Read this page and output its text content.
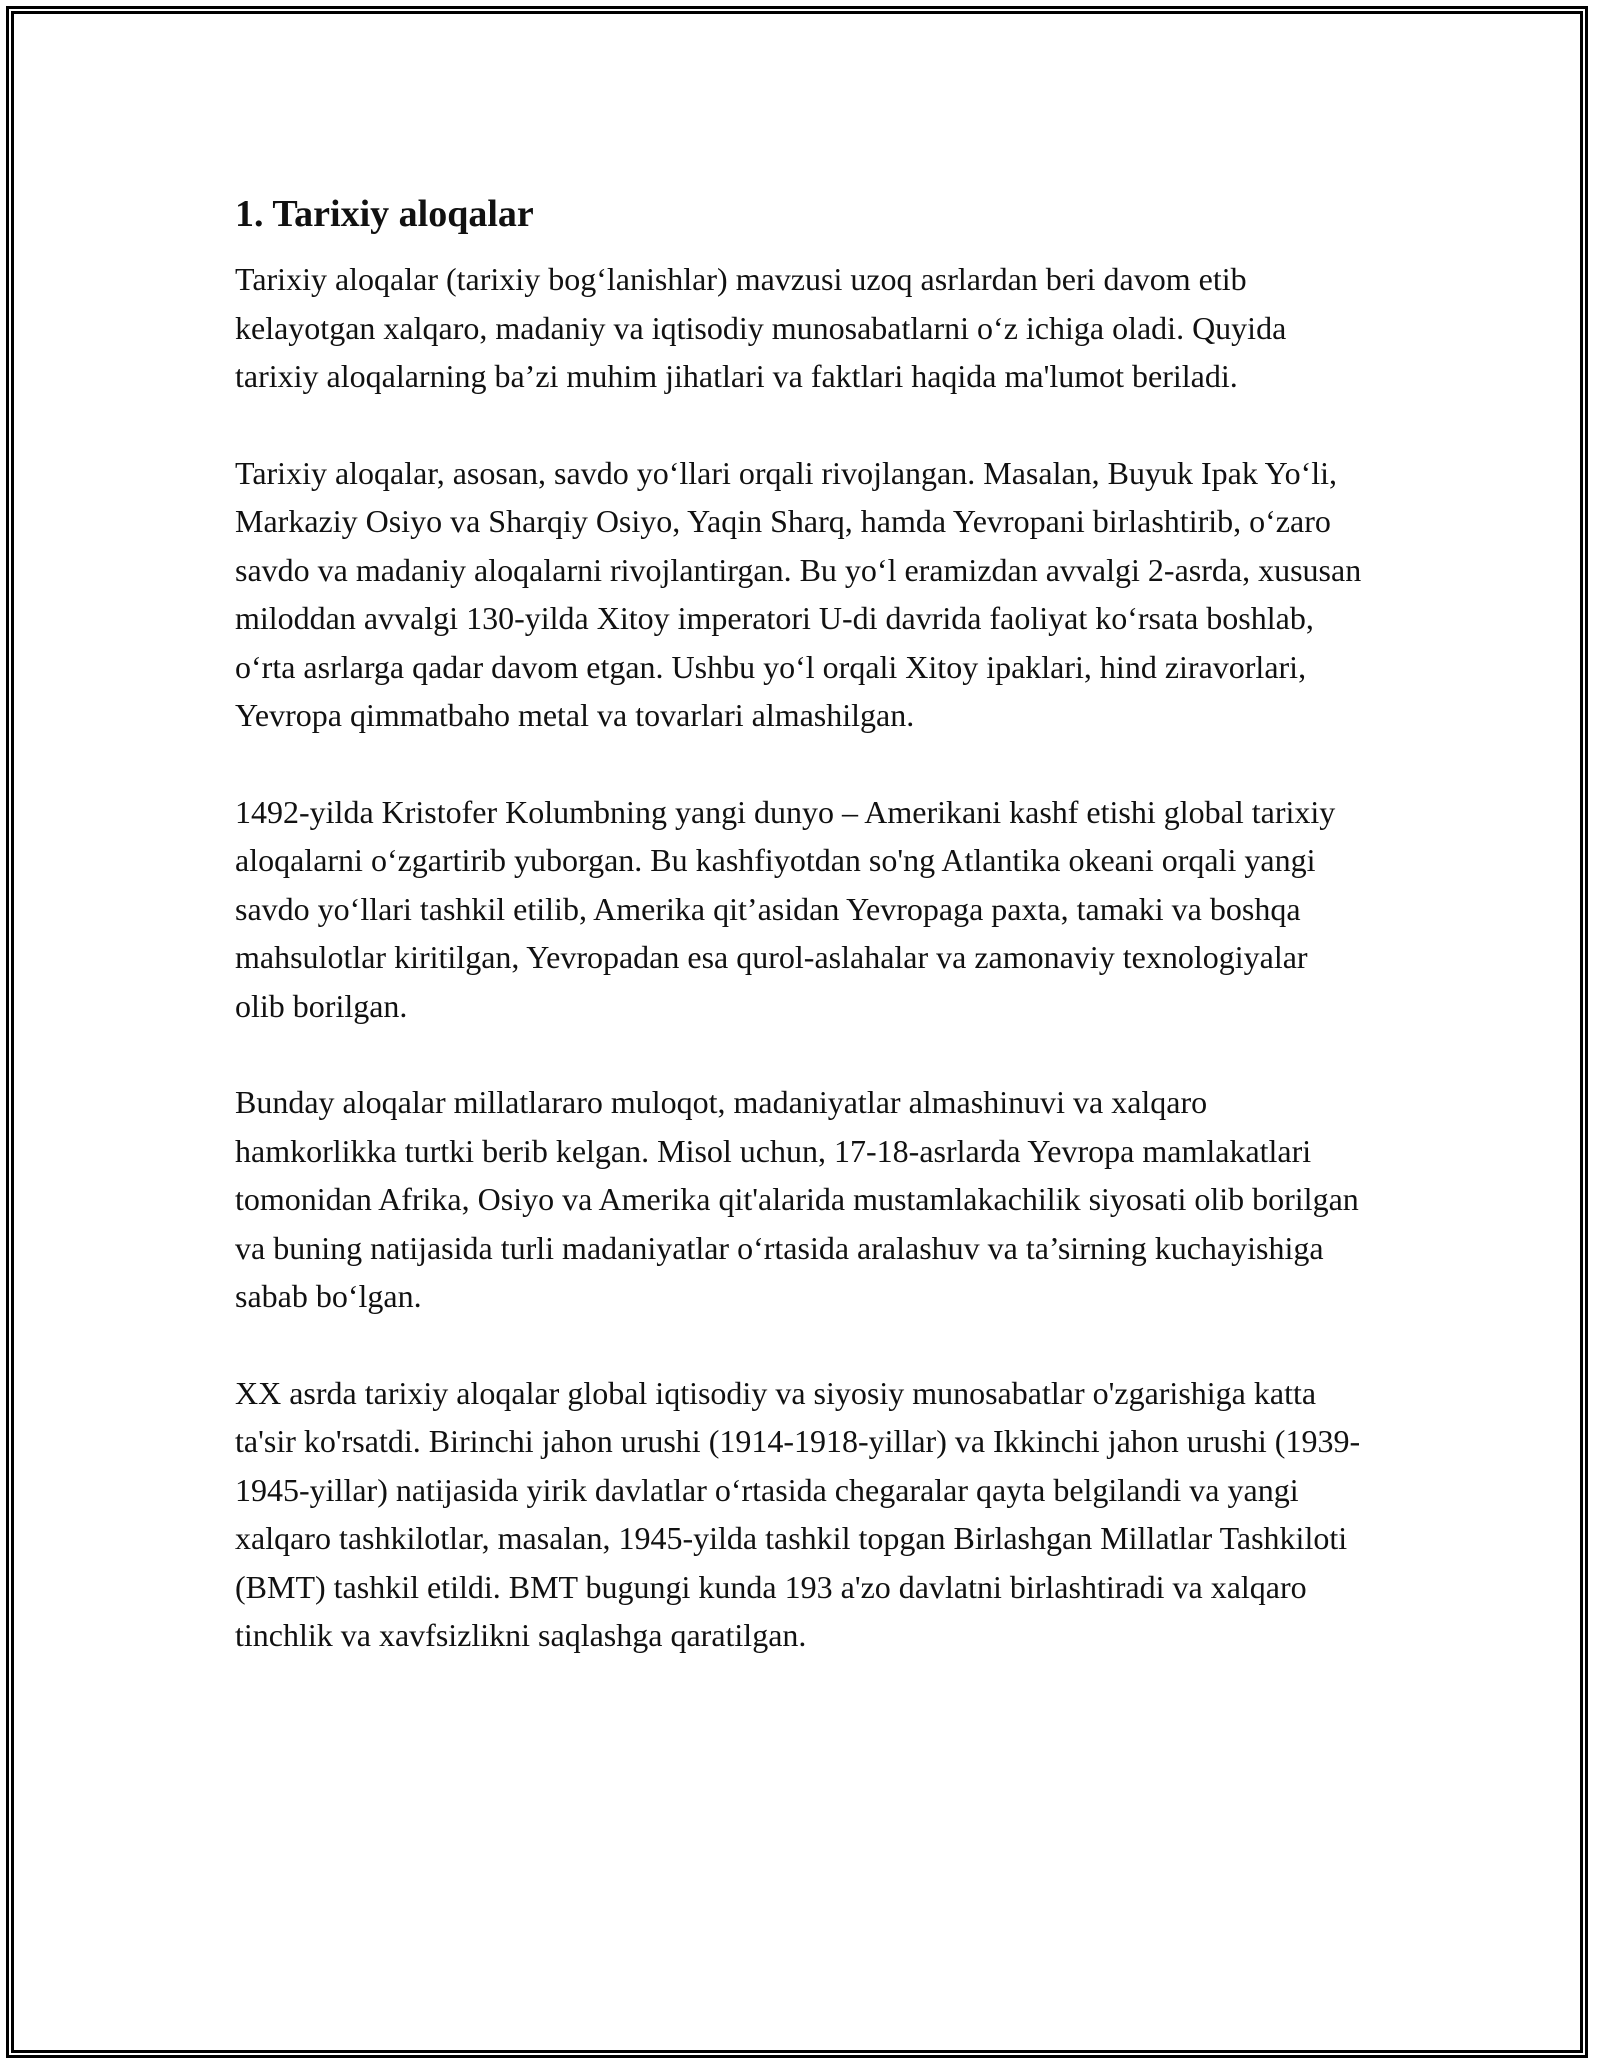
1. Tarixiy aloqalar

Tarixiy aloqalar (tarixiy bog‘lanishlar) mavzusi uzoq asrlardan beri davom etib kelayotgan xalqaro, madaniy va iqtisodiy munosabatlarni o‘z ichiga oladi. Quyida tarixiy aloqalarning ba’zi muhim jihatlari va faktlari haqida ma'lumot beriladi.

Tarixiy aloqalar, asosan, savdo yo‘llari orqali rivojlangan. Masalan, Buyuk Ipak Yo‘li, Markaziy Osiyo va Sharqiy Osiyo, Yaqin Sharq, hamda Yevropani birlashtirib, o‘zaro savdo va madaniy aloqalarni rivojlantirgan. Bu yo‘l eramizdan avvalgi 2-asrda, xususan miloddan avvalgi 130-yilda Xitoy imperatori U-di davrida faoliyat ko‘rsata boshlab, o‘rta asrlarga qadar davom etgan. Ushbu yo‘l orqali Xitoy ipaklari, hind ziravorlari, Yevropa qimmatbaho metal va tovarlari almashilgan.

1492-yilda Kristofer Kolumbning yangi dunyo – Amerikani kashf etishi global tarixiy aloqalarni o‘zgartirib yuborgan. Bu kashfiyotdan so'ng Atlantika okeani orqali yangi savdo yo‘llari tashkil etilib, Amerika qit’asidan Yevropaga paxta, tamaki va boshqa mahsulotlar kiritilgan, Yevropadan esa qurol-aslahalar va zamonaviy texnologiyalar olib borilgan.

Bunday aloqalar millatlararo muloqot, madaniyatlar almashinuvi va xalqaro hamkorlikka turtki berib kelgan. Misol uchun, 17-18-asrlarda Yevropa mamlakatlari tomonidan Afrika, Osiyo va Amerika qit'alarida mustamlakachilik siyosati olib borilgan va buning natijasida turli madaniyatlar o‘rtasida aralashuv va ta’sirning kuchayishiga sabab bo‘lgan.

XX asrda tarixiy aloqalar global iqtisodiy va siyosiy munosabatlar o'zgarishiga katta ta'sir ko'rsatdi. Birinchi jahon urushi (1914-1918-yillar) va Ikkinchi jahon urushi (1939-1945-yillar) natijasida yirik davlatlar o‘rtasida chegaralar qayta belgilandi va yangi xalqaro tashkilotlar, masalan, 1945-yilda tashkil topgan Birlashgan Millatlar Tashkiloti (BMT) tashkil etildi. BMT bugungi kunda 193 a'zo davlatni birlashtiradi va xalqaro tinchlik va xavfsizlikni saqlashga qaratilgan.
